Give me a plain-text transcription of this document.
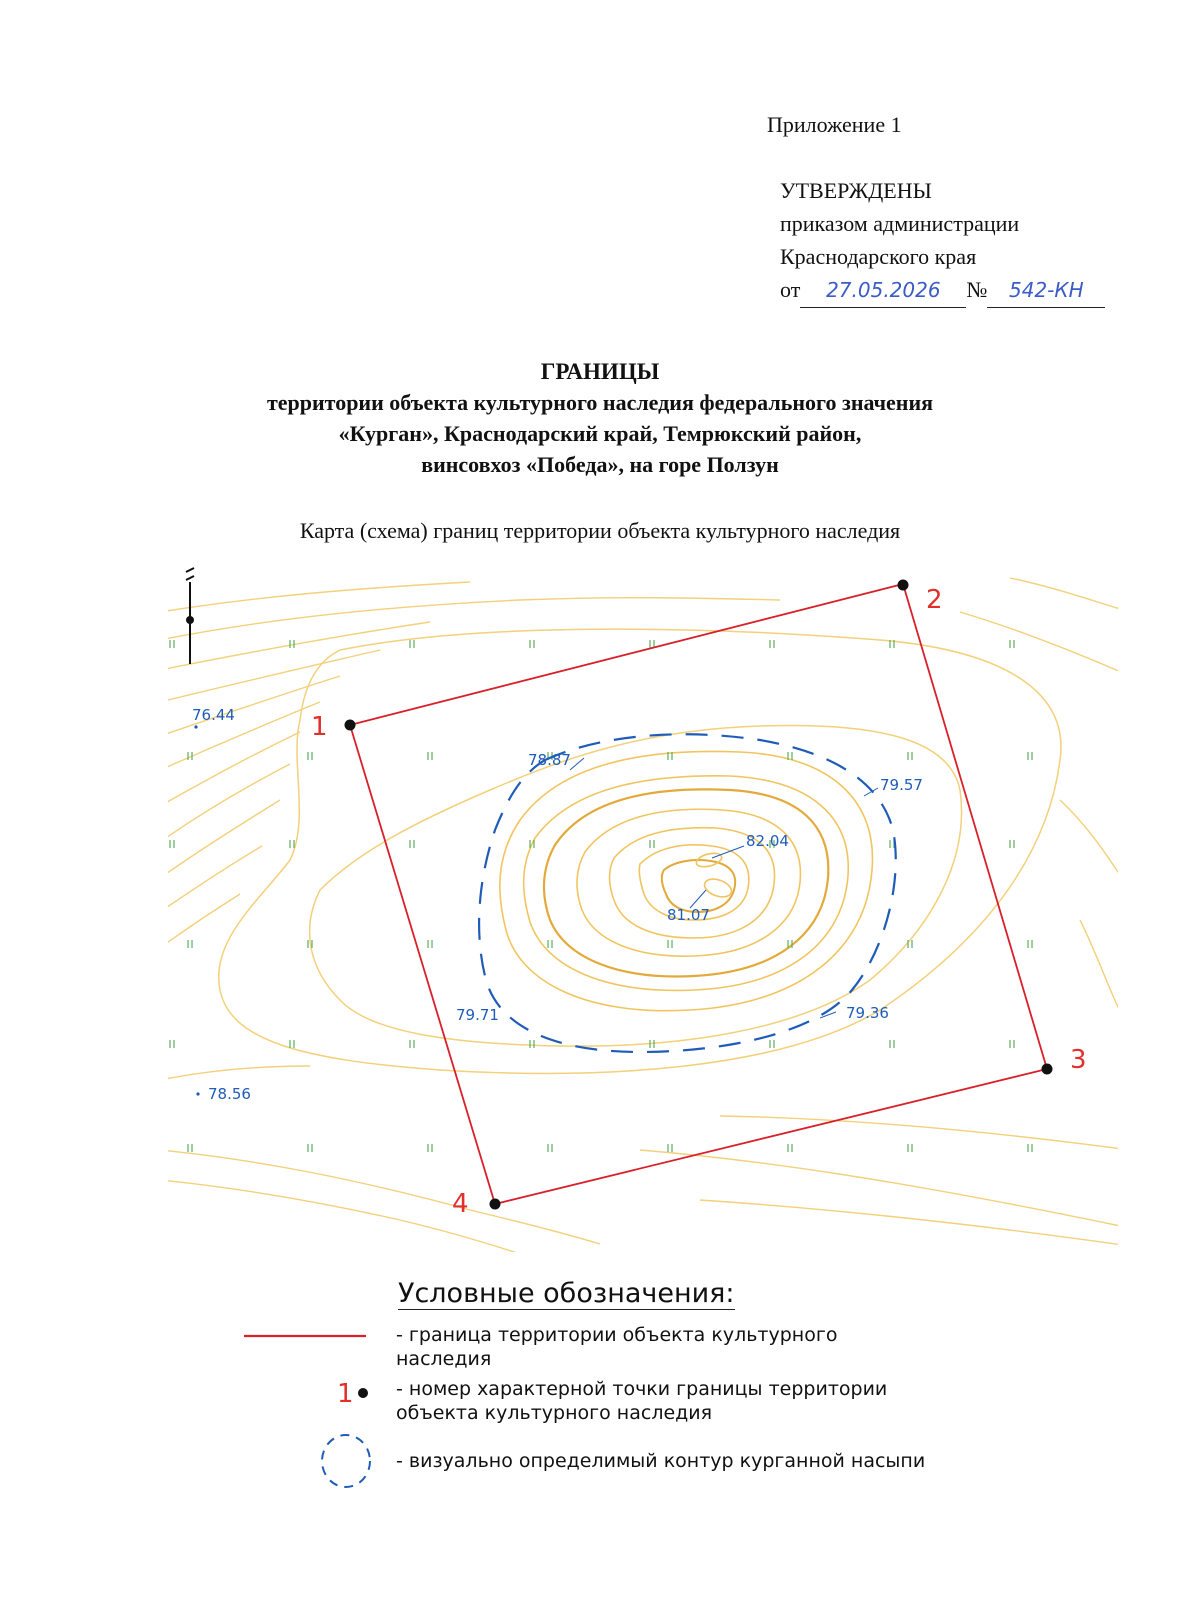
Приложение 1
УТВЕРЖДЕНЫ
приказом администрации
Краснодарского края
от 27.05.2026 № 542-КН
ГРАНИЦЫ
территории объекта культурного наследия федерального значения
«Курган», Краснодарский край, Темрюкский район,
винсовхоз «Победа», на горе Ползун
Карта (схема) границ территории объекта культурного наследия
1
2
3
4
76.44
78.87
79.57
82.04
81.07
79.71	79.36
78.56
1
Условные обозначения:
- граница территории объекта культурного
наследия
- номер характерной точки границы территории
объекта культурного наследия
- визуально определимый контур курганной насыпи
